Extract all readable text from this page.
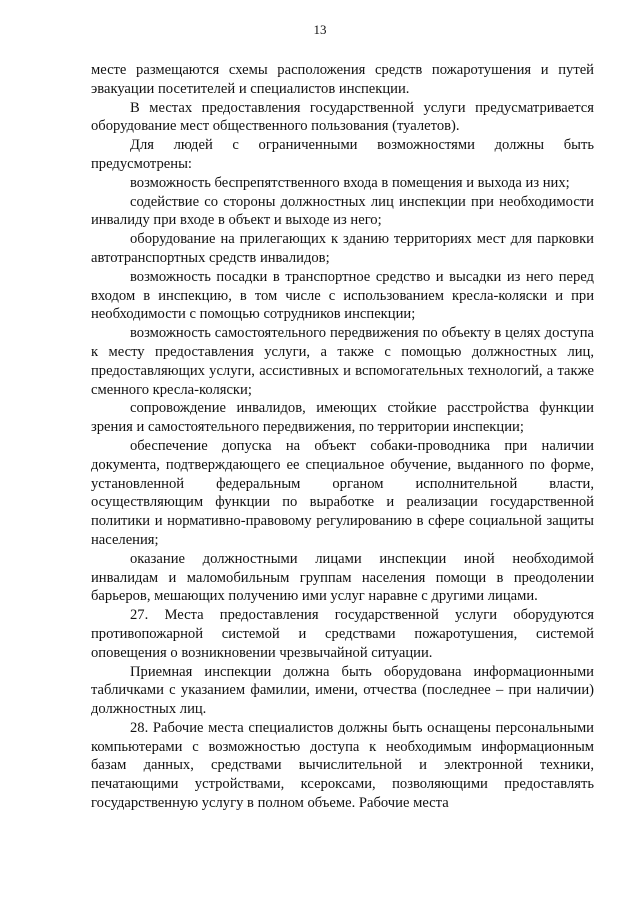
13

месте размещаются схемы расположения средств пожаротушения и путей эвакуации посетителей и специалистов инспекции.

В местах предоставления государственной услуги предусматривается оборудование мест общественного пользования (туалетов).

Для людей с ограниченными возможностями должны быть предусмотрены:

возможность беспрепятственного входа в помещения и выхода из них;

содействие со стороны должностных лиц инспекции при необходимости инвалиду при входе в объект и выходе из него;

оборудование на прилегающих к зданию территориях мест для парковки автотранспортных средств инвалидов;

возможность посадки в транспортное средство и высадки из него перед входом в инспекцию, в том числе с использованием кресла-коляски и при необходимости с помощью сотрудников инспекции;

возможность самостоятельного передвижения по объекту в целях доступа к месту предоставления услуги, а также с помощью должностных лиц, предоставляющих услуги, ассистивных и вспомогательных технологий, а также сменного кресла-коляски;

сопровождение инвалидов, имеющих стойкие расстройства функции зрения и самостоятельного передвижения, по территории инспекции;

обеспечение допуска на объект собаки-проводника при наличии документа, подтверждающего ее специальное обучение, выданного по форме, установленной федеральным органом исполнительной власти, осуществляющим функции по выработке и реализации государственной политики и нормативно-правовому регулированию в сфере социальной защиты населения;

оказание должностными лицами инспекции иной необходимой инвалидам и маломобильным группам населения помощи в преодолении барьеров, мешающих получению ими услуг наравне с другими лицами.

27. Места предоставления государственной услуги оборудуются противопожарной системой и средствами пожаротушения, системой оповещения о возникновении чрезвычайной ситуации.

Приемная инспекции должна быть оборудована информационными табличками с указанием фамилии, имени, отчества (последнее – при наличии) должностных лиц.

28. Рабочие места специалистов должны быть оснащены персональными компьютерами с возможностью доступа к необходимым информационным базам данных, средствами вычислительной и электронной техники, печатающими устройствами, ксероксами, позволяющими предоставлять государственную услугу в полном объеме. Рабочие места
